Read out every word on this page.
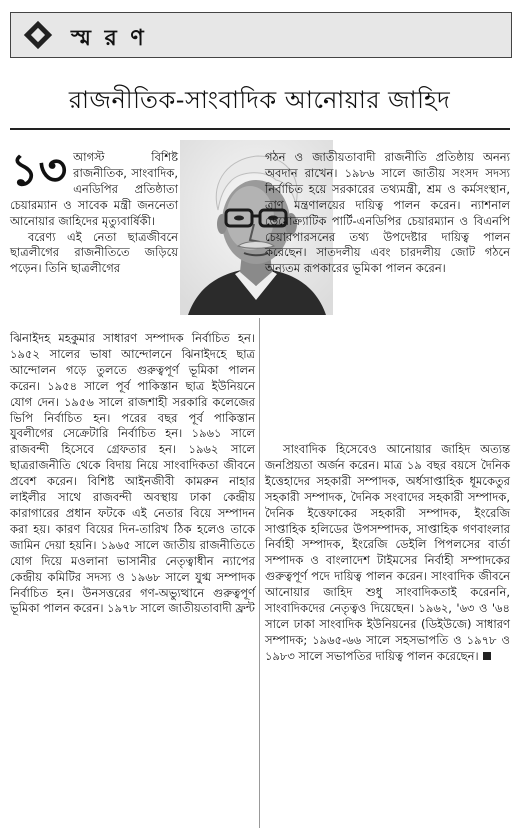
স্ম র ণ
রাজনীতিক-সাংবাদিক আনোয়ার জাহিদ
১৩ আগস্ট বিশিষ্ট রাজনীতিক, সাংবাদিক, এনডিপির প্রতিষ্ঠাতা চেয়ারম্যান ও সাবেক মন্ত্রী জননেতা আনোয়ার জাহিদের মৃত্যুবার্ষিকী।

বরেণ্য এই নেতা ছাত্রজীবনে ছাত্রলীগের রাজনীতিতে জড়িয়ে পড়েন। তিনি ছাত্রলীগের

গঠন ও জাতীয়তাবাদী রাজনীতি প্রতিষ্ঠায় অনন্য অবদান রাখেন। ১৯৮৬ সালে জাতীয় সংসদ সদস্য নির্বাচিত হয়ে সরকারের তথ্যমন্ত্রী, শ্রম ও কর্মসংস্থান, ত্রাণ মন্ত্রণালয়ের দায়িত্ব পালন করেন। ন্যাশনাল ডেমোক্র্যাটিক পার্টি-এনডিপির চেয়ারম্যান ও বিএনপি চেয়ারপারসনের তথ্য উপদেষ্টার দায়িত্ব পালন করেছেন। সাতদলীয় এবং চারদলীয় জোট গঠনে অন্যতম রূপকারের ভূমিকা পালন করেন।

ঝিনাইদহ মহকুমার সাধারণ সম্পাদক নির্বাচিত হন। ১৯৫২ সালের ভাষা আন্দোলনে ঝিনাইদহে ছাত্র আন্দোলন গড়ে তুলতে গুরুত্বপূর্ণ ভূমিকা পালন করেন। ১৯৫৪ সালে পূর্ব পাকিস্তান ছাত্র ইউনিয়নে যোগ দেন। ১৯৫৬ সালে রাজশাহী সরকারি কলেজের ভিপি নির্বাচিত হন। পরের বছর পূর্ব পাকিস্তান যুবলীগের সেক্রেটারি নির্বাচিত হন। ১৯৬১ সালে রাজবন্দী হিসেবে গ্রেফতার হন। ১৯৬২ সালে ছাত্ররাজনীতি থেকে বিদায় নিয়ে সাংবাদিকতা জীবনে প্রবেশ করেন। বিশিষ্ট আইনজীবী কামরুন নাহার লাইলীর সাথে রাজবন্দী অবস্থায় ঢাকা কেন্দ্রীয় কারাগারের প্রধান ফটকে এই নেতার বিয়ে সম্পাদন করা হয়। কারণ বিয়ের দিন-তারিখ ঠিক হলেও তাকে জামিন দেয়া হয়নি। ১৯৬৫ সালে জাতীয় রাজনীতিতে যোগ দিয়ে মওলানা ভাসানীর নেতৃত্বাধীন ন্যাপের কেন্দ্রীয় কমিটির সদস্য ও ১৯৬৮ সালে যুগ্ম সম্পাদক নির্বাচিত হন। উনসত্তরের গণ-অভ্যুত্থানে গুরুত্বপূর্ণ ভূমিকা পালন করেন। ১৯৭৮ সালে জাতীয়তাবাদী ফ্রন্ট

সাংবাদিক হিসেবেও আনোয়ার জাহিদ অত্যন্ত জনপ্রিয়তা অর্জন করেন। মাত্র ১৯ বছর বয়সে দৈনিক ইত্তেহাদের সহকারী সম্পাদক, অর্ধসাপ্তাহিক ধূমকেতুর সহকারী সম্পাদক, দৈনিক সংবাদের সহকারী সম্পাদক, দৈনিক ইত্তেফাকের সহকারী সম্পাদক, ইংরেজি সাপ্তাহিক হলিডের উপসম্পাদক, সাপ্তাহিক গণবাংলার নির্বাহী সম্পাদক, ইংরেজি ডেইলি পিপলসের বার্তা সম্পাদক ও বাংলাদেশ টাইমসের নির্বাহী সম্পাদকের গুরুত্বপূর্ণ পদে দায়িত্ব পালন করেন। সাংবাদিক জীবনে আনোয়ার জাহিদ শুধু সাংবাদিকতাই করেননি, সাংবাদিকদের নেতৃত্বও দিয়েছেন। ১৯৬২, '৬৩ ও '৬৪ সালে ঢাকা সাংবাদিক ইউনিয়নের (ডিইউজে) সাধারণ সম্পাদক; ১৯৬৫-৬৬ সালে সহসভাপতি ও ১৯৭৮ ও ১৯৮৩ সালে সভাপতির দায়িত্ব পালন করেছেন।
